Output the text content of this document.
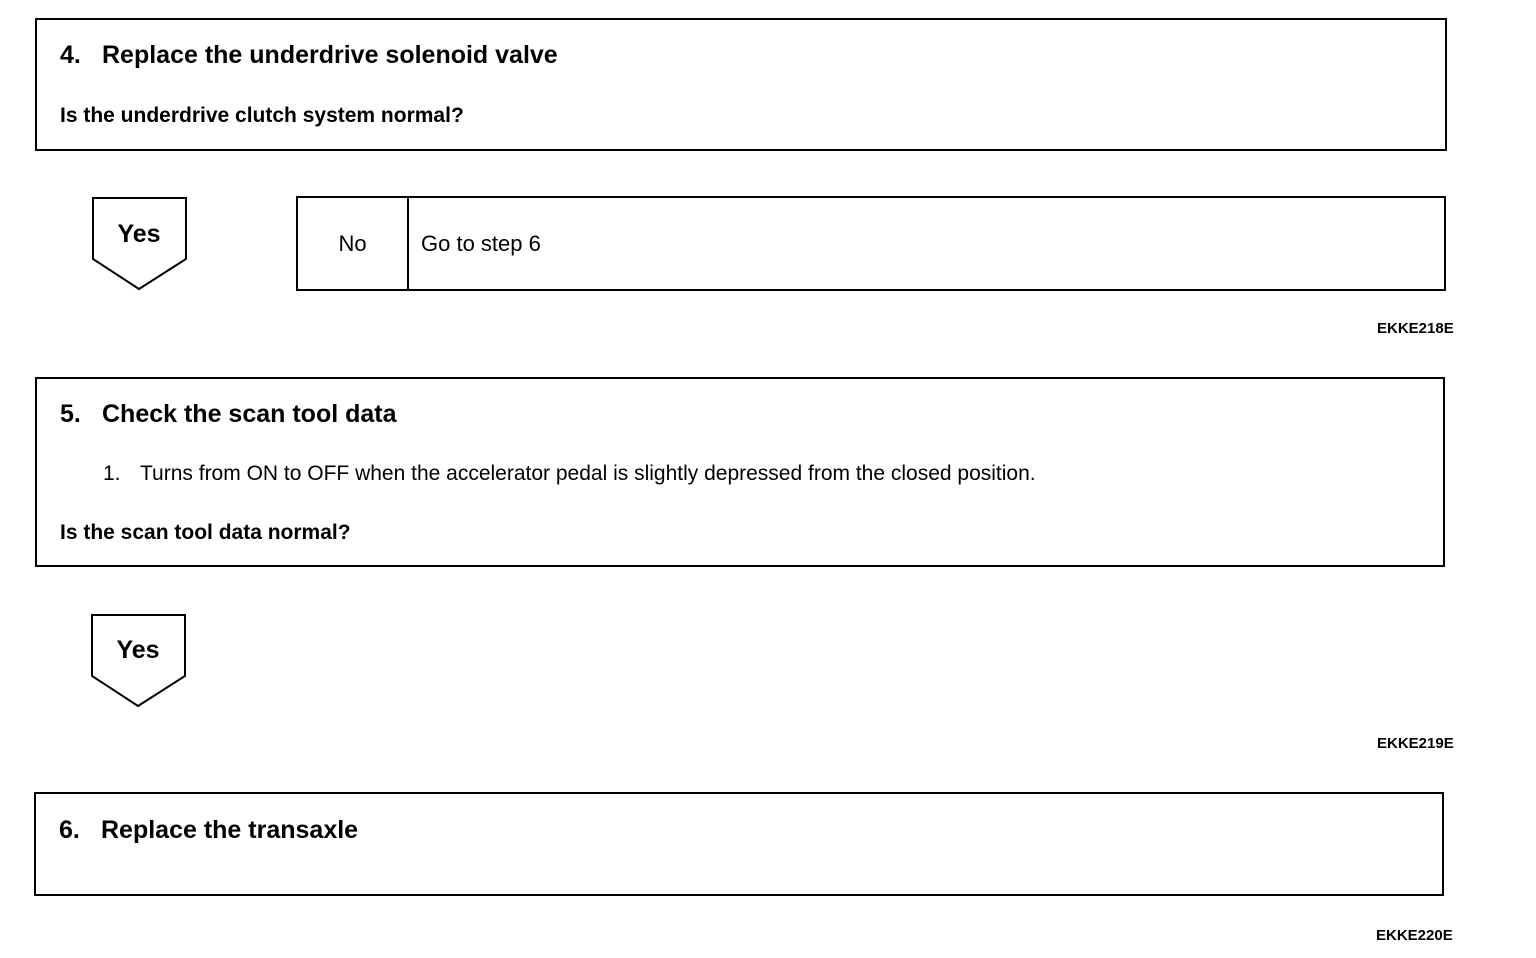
4. Replace the underdrive solenoid valve
Is the underdrive clutch system normal?
Yes	No	Go to step 6
EKKE218E
5. Check the scan tool data
1. Turns from ON to OFF when the accelerator pedal is slightly depressed from the closed position.
Is the scan tool data normal?
Yes
EKKE219E
6. Replace the transaxle
EKKE220E
